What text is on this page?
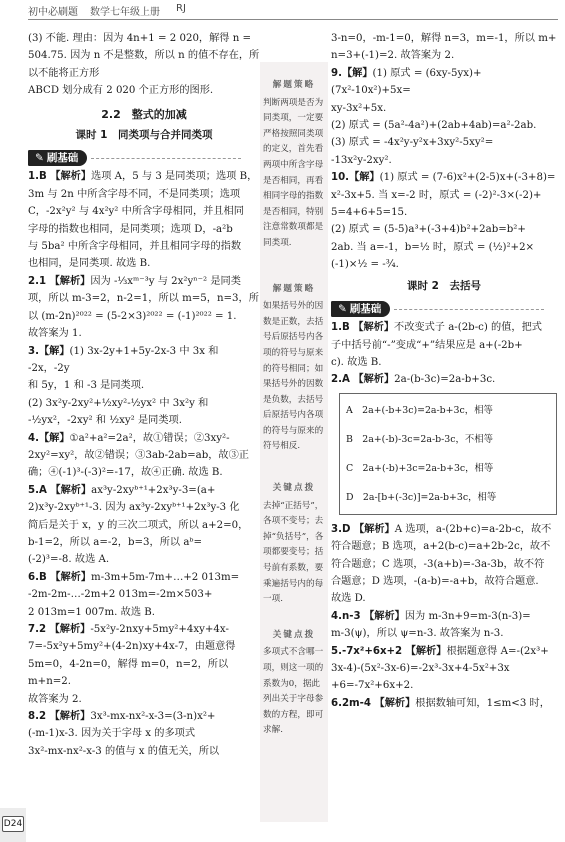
初中必刷题 数学七年级上册 RJ

(3) 不能. 理由：因为 4n+1 = 2 020，解得 n =

504.75. 因为 n 不是整数，所以 n 的值不存在，所以不能将正方形

ABCD 划分成有 2 020 个正方形的图形.

2.2　整式的加减
课时 1　同类项与合并同类项
✎ 刷基础

1.B 【解析】选项 A，5 与 3 是同类项；选项 B，

3m 与 2n 中所含字母不同，不是同类项；选项

C，-2x²y² 与 4x²y² 中所含字母相同，并且相同

字母的指数也相同，是同类项；选项 D，-a²b

与 5ba² 中所含字母相同，并且相同字母的指数

也相同，是同类项. 故选 B.

2.1 【解析】因为 -⅓xᵐ⁻³y 与 2x²yⁿ⁻² 是同类

项，所以 m-3=2，n-2=1，所以 m=5，n=3，所

以 (m-2n)²⁰²² = (5-2×3)²⁰²² = (-1)²⁰²² = 1.

故答案为 1.

3.【解】(1) 3x-2y+1+5y-2x-3 中 3x 和 -2x，-2y

和 5y，1 和 -3 是同类项.

(2) 3x²y-2xy²+½xy²-½yx² 中 3x²y 和

-½yx²，-2xy² 和 ½xy² 是同类项.

4.【解】①a²+a²=2a²，故①错误；②3xy²-

2xy²=xy²，故②错误；③3ab-2ab=ab，故③正

确；④(-1)³-(-3)²=-17，故④正确. 故选 B.

5.A 【解析】ax³y-2xyᵇ⁺¹+2x³y-3=(a+

2)x³y-2xyᵇ⁺¹-3. 因为 ax³y-2xyᵇ⁺¹+2x³y-3 化

简后是关于 x，y 的三次二项式，所以 a+2=0，

b-1=2，所以 a=-2，b=3，所以 aᵇ=

(-2)³=-8. 故选 A.

6.B 【解析】m-3m+5m-7m+…+2 013m=

-2m-2m-…-2m+2 013m=-2m×503+

2 013m=1 007m. 故选 B.

7.2 【解析】-5x²y-2nxy+5my²+4xy+4x-

7=-5x²y+5my²+(4-2n)xy+4x-7，由题意得

5m=0，4-2n=0，解得 m=0，n=2，所以 m+n=2.

故答案为 2.

8.2 【解析】3x³-mx-nx²-x-3=(3-n)x²+

(-m-1)x-3. 因为关于字母 x 的多项式

3x²-mx-nx²-x-3 的值与 x 的值无关，所以

解题策略
判断两项是否为同类项，一定要严格按照同类项的定义，首先看两项中所含字母是否相同，再看相同字母的指数是否相同，特别注意常数项都是同类项.
解题策略
如果括号外的因数是正数，去括号后原括号内各项的符号与原来的符号相同；如果括号外的因数是负数，去括号后原括号内各项的符号与原来的符号相反.
关键点拨
去掉“正括号”，各项不变号；去掉“负括号”，各项都要变号；括号前有系数，要乘遍括号内的每一项.
关键点拨
多项式不含哪一项，则这一项的系数为0，据此列出关于字母参数的方程，即可求解.

3-n=0，-m-1=0，解得 n=3，m=-1，所以 m+

n=3+(-1)=2. 故答案为 2.

9.【解】(1) 原式 = (6xy-5yx)+(7x²-10x²)+5x=

xy-3x²+5x.

(2) 原式 = (5a²-4a²)+(2ab+4ab)=a²-2ab.

(3) 原式 = -4x²y-y²x+3xy²-5xy²=

-13x²y-2xy².

10.【解】(1) 原式 = (7-6)x²+(2-5)x+(-3+8)=

x²-3x+5. 当 x=-2 时，原式 = (-2)²-3×(-2)+

5=4+6+5=15.

(2) 原式 = (5-5)a³+(-3+4)b²+2ab=b²+

2ab. 当 a=-1，b=½ 时，原式 = (½)²+2×

(-1)×½ = -¾.

课时 2　去括号
✎ 刷基础

1.B 【解析】不改变式子 a-(2b-c) 的值，把式

子中括号前“-”变成“+”结果应是 a+(-2b+

c). 故选 B.

2.A 【解析】2a-(b-3c)=2a-b+3c.

A　2a+(-b+3c)=2a-b+3c，相等
B　2a+(-b)-3c=2a-b-3c，不相等
C　2a+(-b)+3c=2a-b+3c，相等
D　2a-[b+(-3c)]=2a-b+3c，相等

3.D 【解析】A 选项，a-(2b+c)=a-2b-c，故不

符合题意；B 选项，a+2(b-c)=a+2b-2c，故不

符合题意；C 选项，-3(a+b)=-3a-3b，故不符

合题意；D 选项，-(a-b)=-a+b，故符合题意.

故选 D.

4.n-3 【解析】因为 m-3n+9=m-3(n-3)=

m-3(ψ)，所以 ψ=n-3. 故答案为 n-3.

5.-7x²+6x+2 【解析】根据题意得 A=-(2x³+

3x-4)-(5x²-3x-6)=-2x³-3x+4-5x²+3x

+6=-7x²+6x+2.

6.2m-4 【解析】根据数轴可知，1≤m<3 时，

D24
